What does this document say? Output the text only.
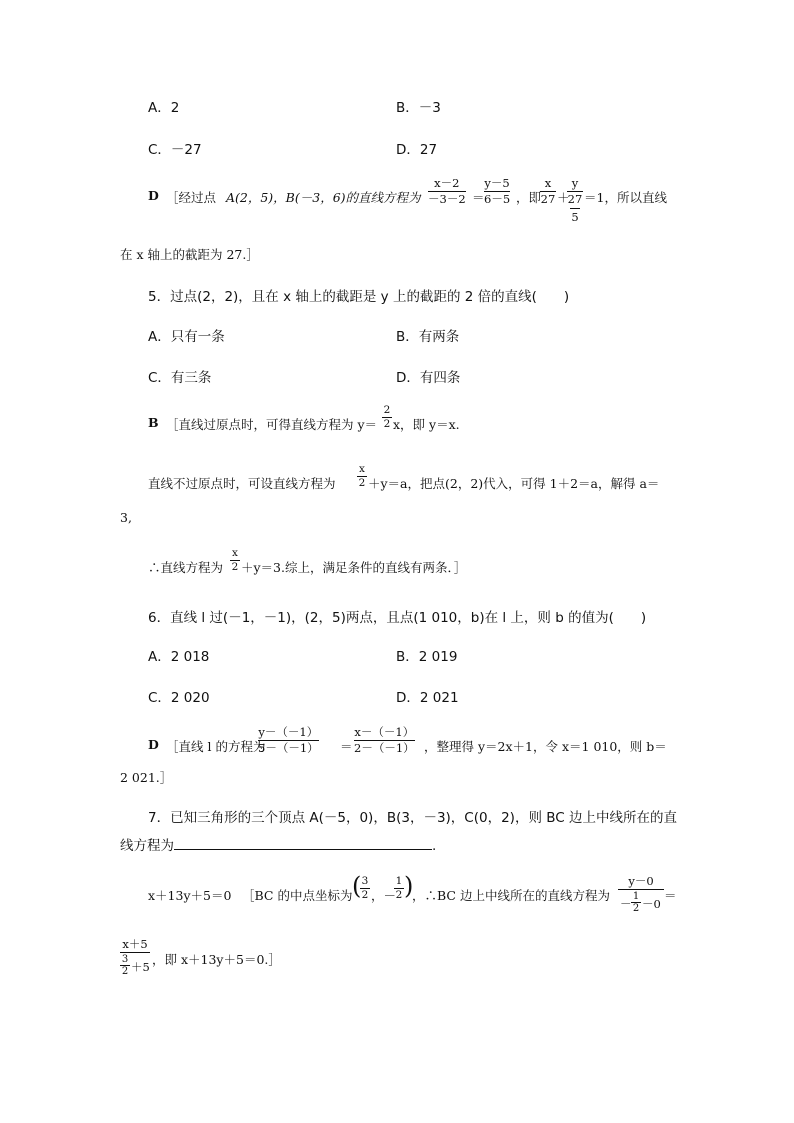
A．2	B．－3
C．－27	D．27
D ［经过点 A(2，5)，B(－3，6)的直线方程为
x－2
－3－2 ＝
y－5
6－5 ，即
x
27 ＋
y
27
5
＝1，所以直线
在 x 轴上的截距为 27.］
5．过点(2，2)，且在 x 轴上的截距是 y 上的截距的 2 倍的直线(　　)
A．只有一条	B．有两条
C．有三条	D．有四条
B ［直线过原点时，可得直线方程为 y＝
2
2 x，即 y＝x.
直线不过原点时，可设直线方程为
x
2 ＋y＝a，把点(2，2)代入，可得 1＋2＝a，解得 a＝
3,
∴直线方程为
x
2 ＋y＝3.综上，满足条件的直线有两条．］
6．直线 l 过(－1，－1)，(2，5)两点，且点(1 010，b)在 l 上，则 b 的值为(　　)
A．2 018	B．2 019
C．2 020	D．2 021
D ［直线 l 的方程为
y－（－1）
5－（－1） ＝
x－（－1）
2－（－1） ，整理得 y＝2x＋1，令 x＝1 010，则 b＝
2 021.］
7．已知三角形的三个顶点 A(－5，0)，B(3，－3)，C(0，2)，则 BC 边上中线所在的直
线方程为	.
x＋13y＋5＝0 ［BC 的中点坐标为 ( 3
2 ，－
1
2 )
，∴BC 边上中线所在的直线方程为
y－0
－
1
2 －0
＝
x＋5
3
2 ＋5 ，即 x＋13y＋5＝0.］
